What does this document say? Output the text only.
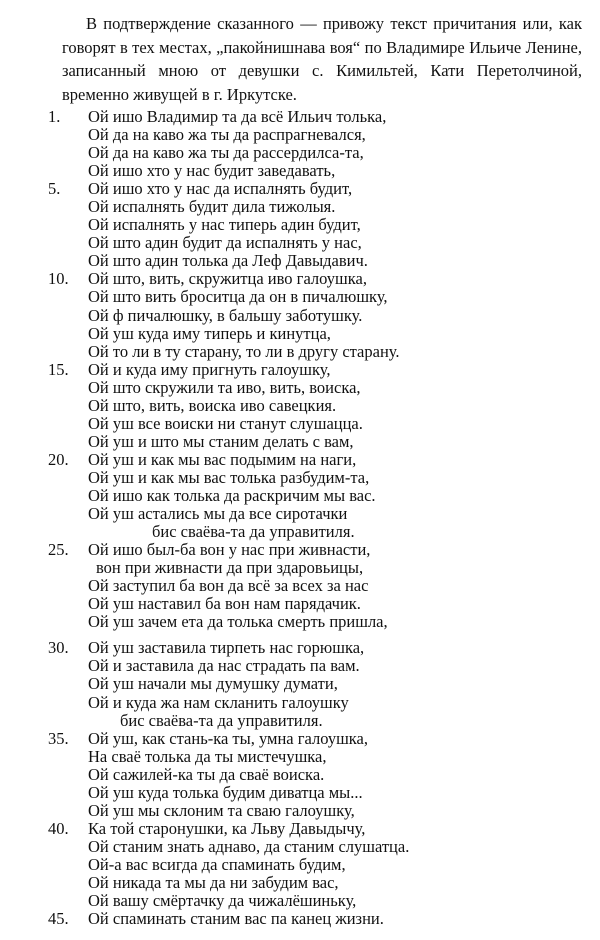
В подтверждение сказанного — привожу текст причитания или, как говорят в тех местах, „пакойнишнава воя“ по Владимире Ильиче Ленине, записанный мною от девушки с. Кимильтей, Кати Перетолчиной, временно живущей в г. Иркутске.

1.	Ой ишо Владимир та да всё Ильич толька,
Ой да на каво жа ты да распрагневался,
Ой да на каво жа ты да рассердилса-та,
Ой ишо хто у нас будит заведавать,
5.	Ой ишо хто у нас да испалнять будит,
Ой испалнять будит дила тижолыя.
Ой испалнять у нас типерь адин будит,
Ой што адин будит да испалнять у нас,
Ой што адин толька да Леф Давыдавич.
10.	Ой што, вить, скружитца иво галоушка,
Ой што вить броситца да он в пичалюшку,
Ой ф пичалюшку, в бальшу заботушку.
Ой уш куда иму типерь и кинутца,
Ой то ли в ту старану, то ли в другу старану.
15.	Ой и куда иму пригнуть галоушку,
Ой што скружили та иво, вить, воиска,
Ой што, вить, воиска иво савецкия.
Ой уш все воиски ни станут слушацца.
Ой уш и што мы станим делать с вам,
20.	Ой уш и как мы вас подымим на наги,
Ой уш и как мы вас толька разбудим-та,
Ой ишо как толька да раскричим мы вас.
Ой уш астались мы да все сиротачки
бис сваёва-та да управитиля.
25.	Ой ишо был-ба вон у нас при живнасти,
вон при живнасти да при здаровьицы,
Ой заступил ба вон да всё за всех за нас
Ой уш наставил ба вон нам парядачик.
Ой уш зачем ета да толька смерть пришла,
30.	Ой уш заставила тирпеть нас горюшка,
Ой и заставила да нас страдать па вам.
Ой уш начали мы думушку думати,
Ой и куда жа нам скланить галоушку
бис сваёва-та да управитиля.
35.	Ой уш, как стань-ка ты, умна галоушка,
На сваё толька да ты мистечушка,
Ой сажилей-ка ты да сваё воиска.
Ой уш куда толька будим диватца мы...
Ой уш мы склоним та сваю галоушку,
40.	Ка той старонушки, ка Льву Давыдычу,
Ой станим знать аднаво, да станим слушатца.
Ой-а вас всигда да спаминать будим,
Ой никада та мы да ни забудим вас,
Ой вашу смёртачку да чижалёшиньку,
45.	Ой спаминать станим вас па канец жизни.
